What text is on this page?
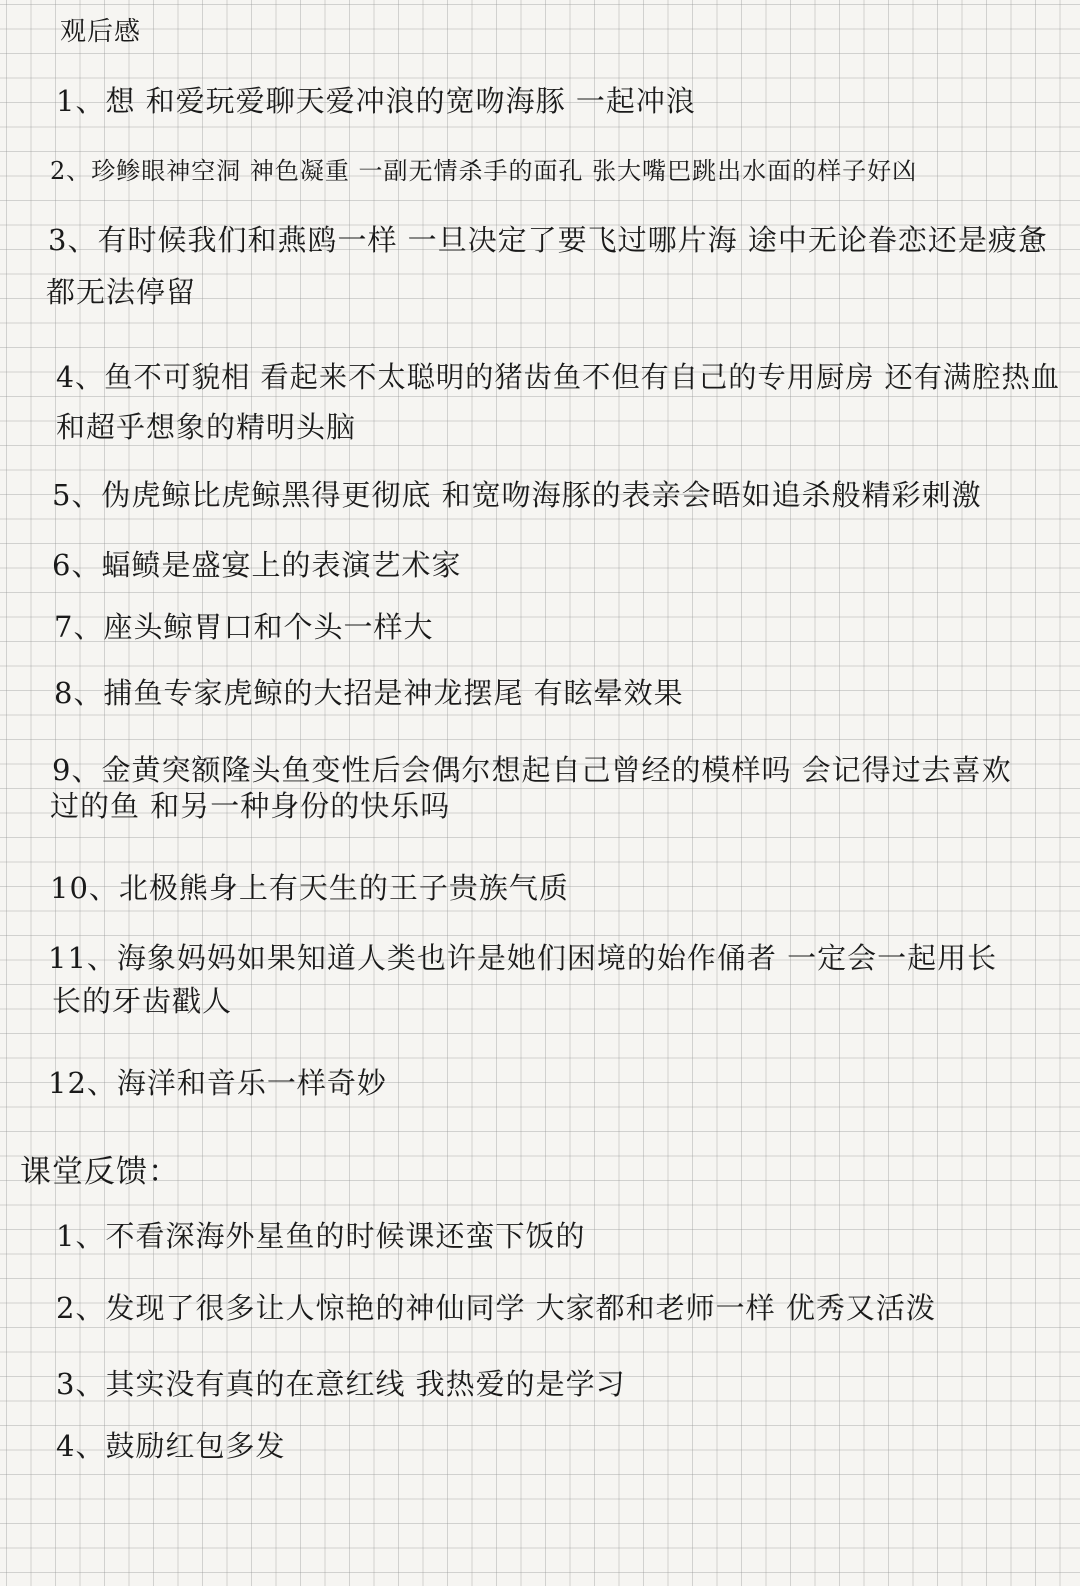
观后感
1、想 和爱玩爱聊天爱冲浪的宽吻海豚 一起冲浪
2、珍鲹眼神空洞 神色凝重 一副无情杀手的面孔 张大嘴巴跳出水面的样子好凶
3、有时候我们和燕鸥一样 一旦决定了要飞过哪片海 途中无论眷恋还是疲惫
都无法停留
4、鱼不可貌相 看起来不太聪明的猪齿鱼不但有自己的专用厨房 还有满腔热血
和超乎想象的精明头脑
5、伪虎鲸比虎鲸黑得更彻底 和宽吻海豚的表亲会晤如追杀般精彩刺激
6、蝠鲼是盛宴上的表演艺术家
7、座头鲸胃口和个头一样大
8、捕鱼专家虎鲸的大招是神龙摆尾 有眩晕效果
9、金黄突额隆头鱼变性后会偶尔想起自己曾经的模样吗 会记得过去喜欢
过的鱼 和另一种身份的快乐吗
10、北极熊身上有天生的王子贵族气质
11、海象妈妈如果知道人类也许是她们困境的始作俑者 一定会一起用长
长的牙齿戳人
12、海洋和音乐一样奇妙
课堂反馈：
1、不看深海外星鱼的时候课还蛮下饭的
2、发现了很多让人惊艳的神仙同学 大家都和老师一样 优秀又活泼
3、其实没有真的在意红线 我热爱的是学习
4、鼓励红包多发
